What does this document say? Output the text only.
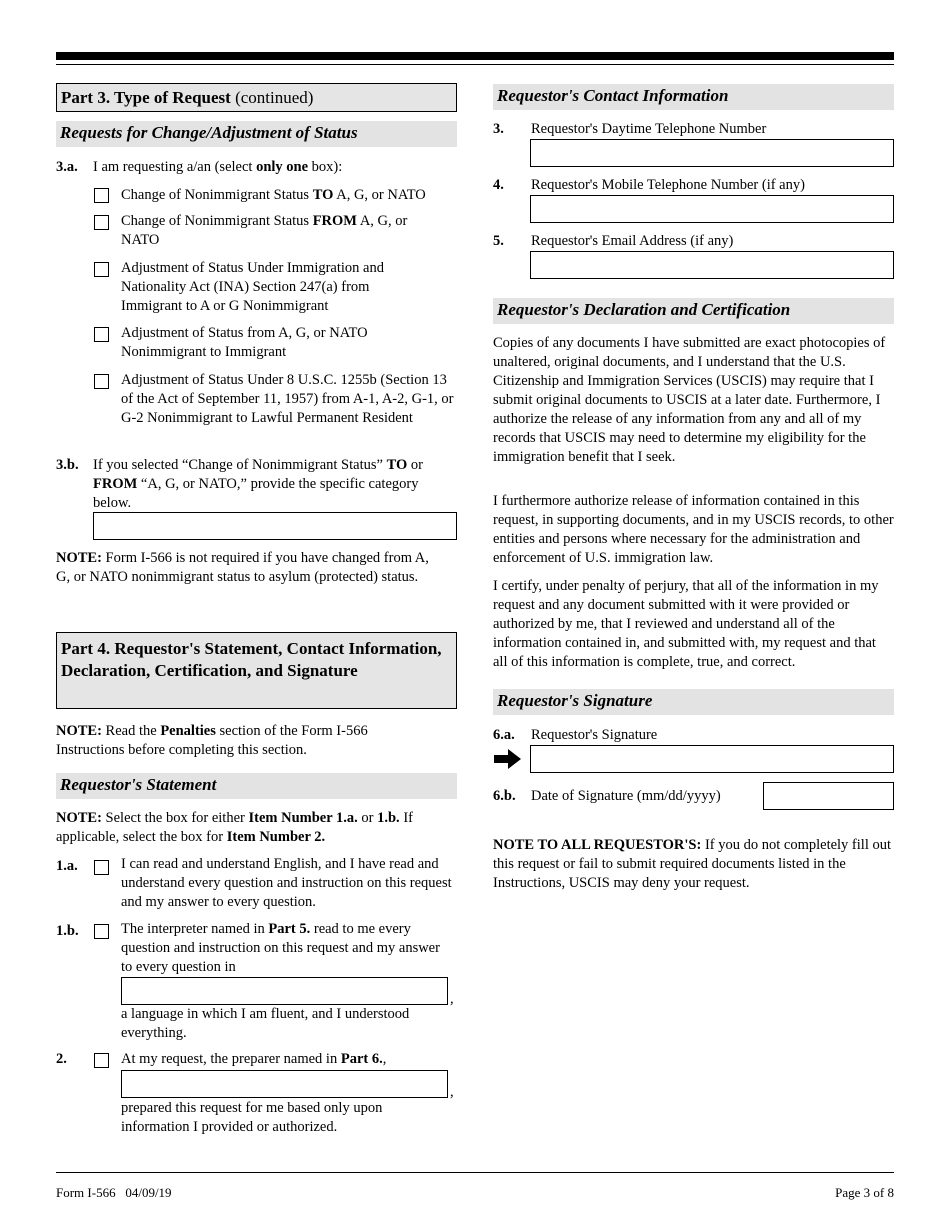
Part 3. Type of Request (continued)
Requests for Change/Adjustment of Status
3.a. I am requesting a/an (select only one box):
Change of Nonimmigrant Status TO A, G, or NATO
Change of Nonimmigrant Status FROM A, G, or NATO
Adjustment of Status Under Immigration and Nationality Act (INA) Section 247(a) from Immigrant to A or G Nonimmigrant
Adjustment of Status from A, G, or NATO Nonimmigrant to Immigrant
Adjustment of Status Under 8 U.S.C. 1255b (Section 13 of the Act of September 11, 1957) from A-1, A-2, G-1, or G-2 Nonimmigrant to Lawful Permanent Resident
3.b. If you selected “Change of Nonimmigrant Status” TO or FROM “A, G, or NATO,” provide the specific category below.
NOTE: Form I-566 is not required if you have changed from A, G, or NATO nonimmigrant status to asylum (protected) status.
Part 4. Requestor's Statement, Contact Information, Declaration, Certification, and Signature
NOTE: Read the Penalties section of the Form I-566 Instructions before completing this section.
Requestor's Statement
NOTE: Select the box for either Item Number 1.a. or 1.b. If applicable, select the box for Item Number 2.
1.a.	I can read and understand English, and I have read and understand every question and instruction on this request and my answer to every question.
1.b.	The interpreter named in Part 5. read to me every question and instruction on this request and my answer to every question in
,
a language in which I am fluent, and I understood everything.
2.	At my request, the preparer named in Part 6.,
,
prepared this request for me based only upon information I provided or authorized.
Requestor's Contact Information
3. Requestor's Daytime Telephone Number
4. Requestor's Mobile Telephone Number (if any)
5. Requestor's Email Address (if any)
Requestor's Declaration and Certification
Copies of any documents I have submitted are exact photocopies of unaltered, original documents, and I understand that the U.S. Citizenship and Immigration Services (USCIS) may require that I submit original documents to USCIS at a later date. Furthermore, I authorize the release of any information from any and all of my records that USCIS may need to determine my eligibility for the immigration benefit that I seek.
I furthermore authorize release of information contained in this request, in supporting documents, and in my USCIS records, to other entities and persons where necessary for the administration and enforcement of U.S. immigration law.
I certify, under penalty of perjury, that all of the information in my request and any document submitted with it were provided or authorized by me, that I reviewed and understand all of the information contained in, and submitted with, my request and that all of this information is complete, true, and correct.
Requestor's Signature
6.a. Requestor's Signature
6.b. Date of Signature (mm/dd/yyyy)
NOTE TO ALL REQUESTOR'S: If you do not completely fill out this request or fail to submit required documents listed in the Instructions, USCIS may deny your request.
Form I-566   04/09/19	Page 3 of 8
